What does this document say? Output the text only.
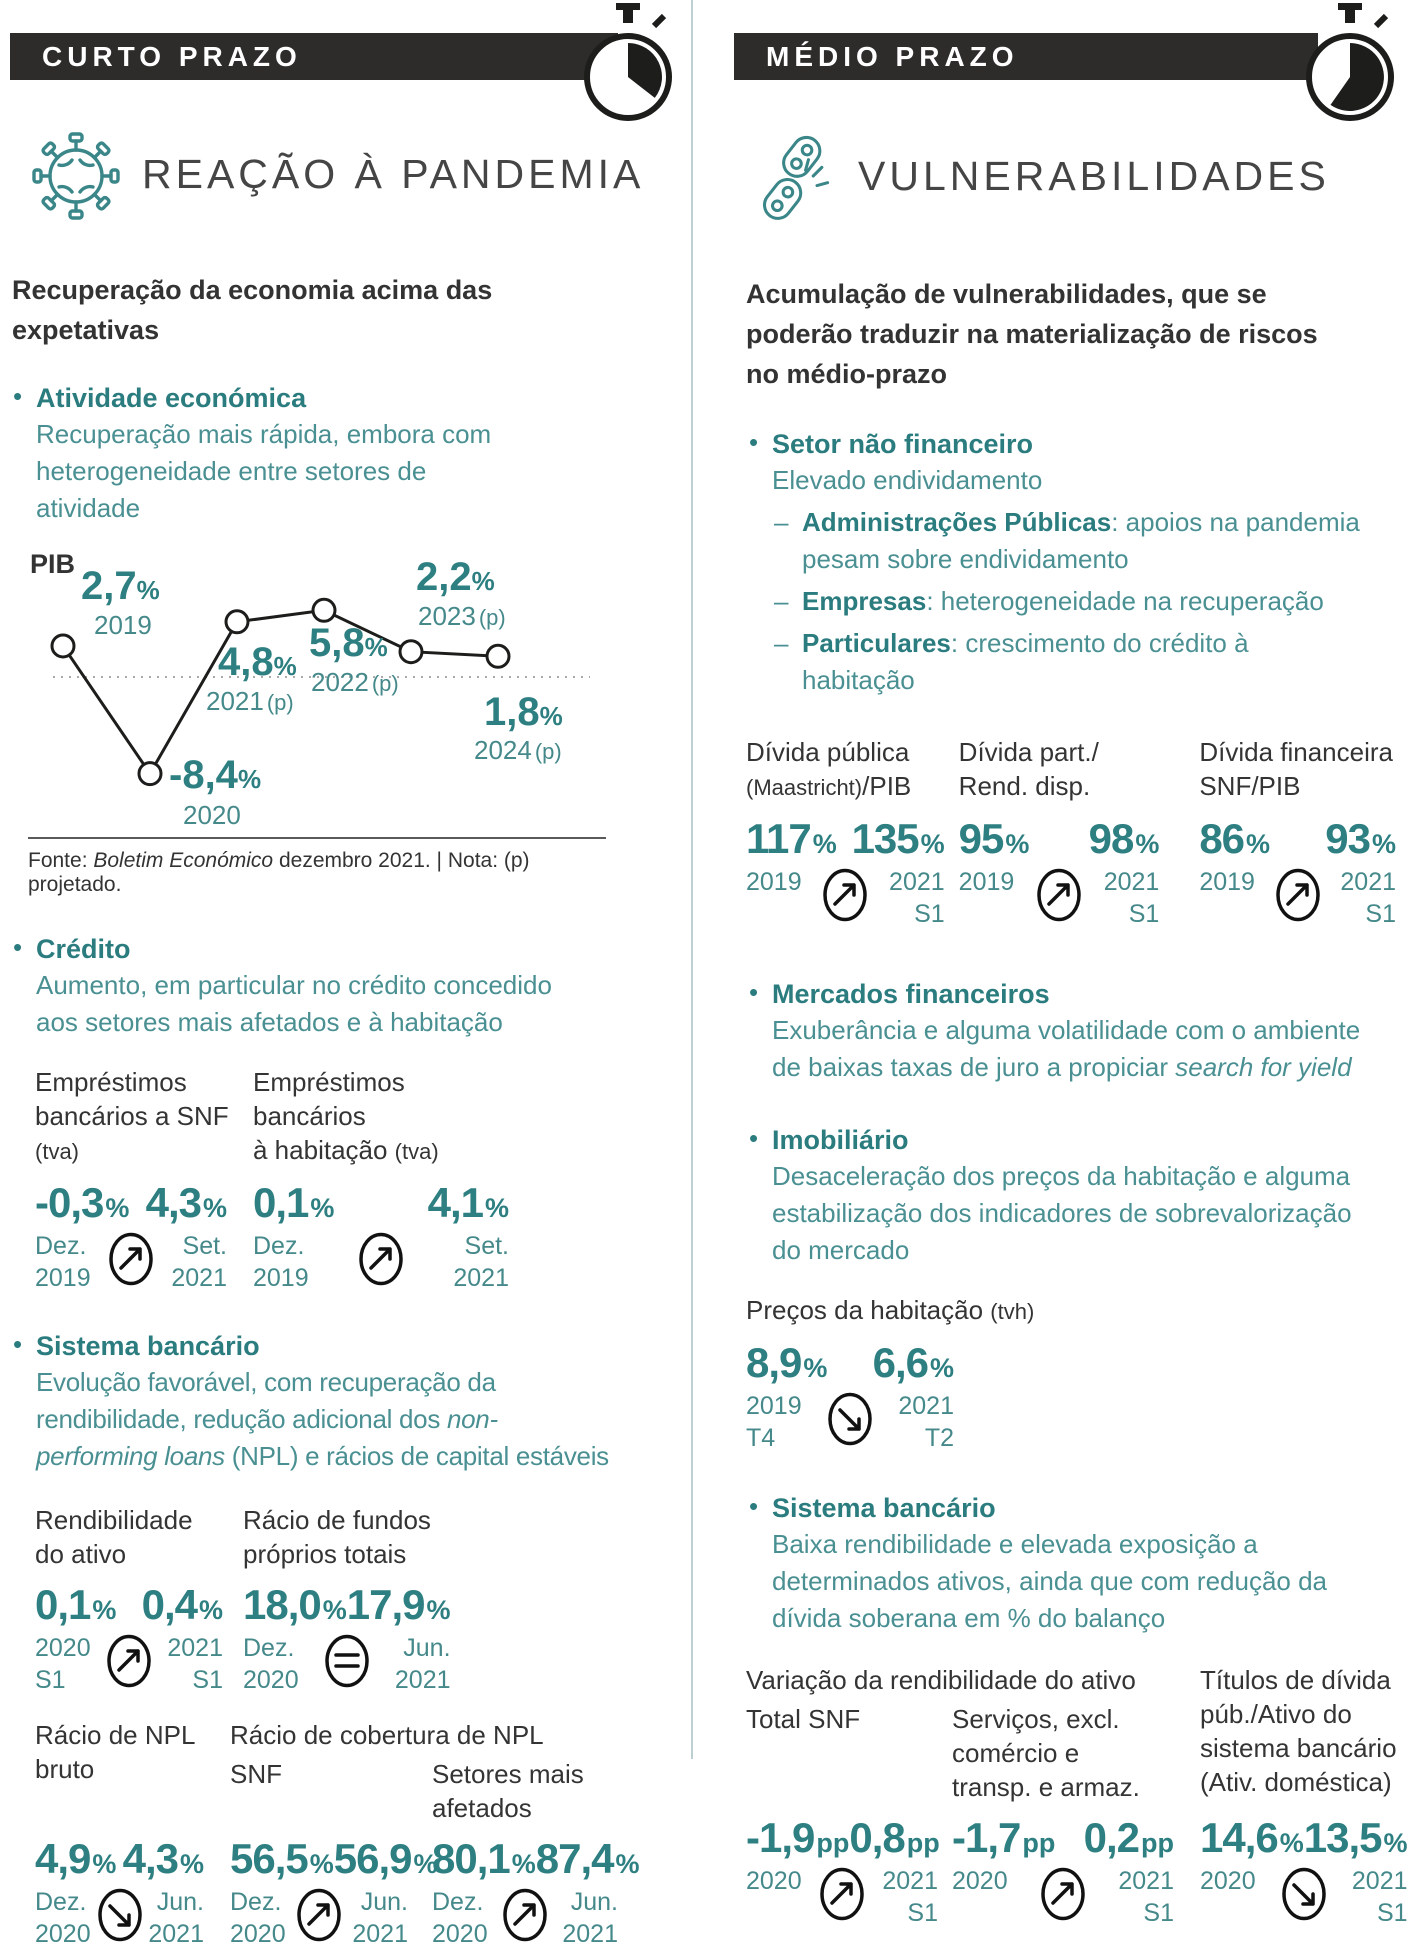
CURTO PRAZO
REAÇÃO À PANDEMIA
Recuperação da economia acima das expetativas
• Atividade económica
Recuperação mais rápida, embora com heterogeneidade entre setores de atividade
PIB 2,7%
2019
-8,4%
2020
4,8%
2021 (p)
5,8%
2022 (p)
2,2%
2023 (p)
1,8%
2024 (p)
Fonte: Boletim Económico dezembro 2021. | Nota: (p) projetado.
• Crédito
Aumento, em particular no crédito concedido aos setores mais afetados e à habitação
Empréstimos
bancários a SNF
(tva)
-0,3% 4,3%
Dez.
2019
Set.
2021
Empréstimos
bancários
à habitação (tva)
0,1% 4,1%
Dez.
2019
Set.
2021
• Sistema bancário
Evolução favorável, com recuperação da rendibilidade, redução adicional dos non-performing loans (NPL) e rácios de capital estáveis
Rendibilidade
do ativo
0,1% 0,4%
2020
S1
2021
S1
Rácio de fundos
próprios totais
18,0% 17,9%
Dez.
2020
Jun.
2021
Rácio de NPL
bruto
4,9% 4,3%
Dez.
2020
Jun.
2021
Rácio de cobertura de NPL
SNF
56,5% 56,9%
Dez.
2020
Jun.
2021
Setores mais
afetados
80,1% 87,4%
Dez.
2020
Jun.
2021
MÉDIO PRAZO
VULNERABILIDADES
Acumulação de vulnerabilidades, que se poderão traduzir na materialização de riscos no médio-prazo
• Setor não financeiro
Elevado endividamento
– Administrações Públicas: apoios na pandemia pesam sobre endividamento
– Empresas: heterogeneidade na recuperação
– Particulares: crescimento do crédito à habitação
Dívida pública
(Maastricht)/PIB
117% 135%
2019	2021
S1
Dívida part./
Rend. disp.
95% 98%
2019	2021
S1
Dívida financeira
SNF/PIB
86% 93%
2019	2021
S1
• Mercados financeiros
Exuberância e alguma volatilidade com o ambiente de baixas taxas de juro a propiciar search for yield
• Imobiliário
Desaceleração dos preços da habitação e alguma estabilização dos indicadores de sobrevalorização do mercado
Preços da habitação (tvh)
8,9% 6,6%
2019
T4
2021
T2
• Sistema bancário
Baixa rendibilidade e elevada exposição a determinados ativos, ainda que com redução da dívida soberana em % do balanço
Variação da rendibilidade do ativo
Total SNF
-1,9pp 0,8pp
2020	2021
S1
Serviços, excl.
comércio e
transp. e armaz.
-1,7pp 0,2pp
2020	2021
S1
Títulos de dívida
púb./Ativo do
sistema bancário
(Ativ. doméstica)
14,6% 13,5%
2020	2021
S1
